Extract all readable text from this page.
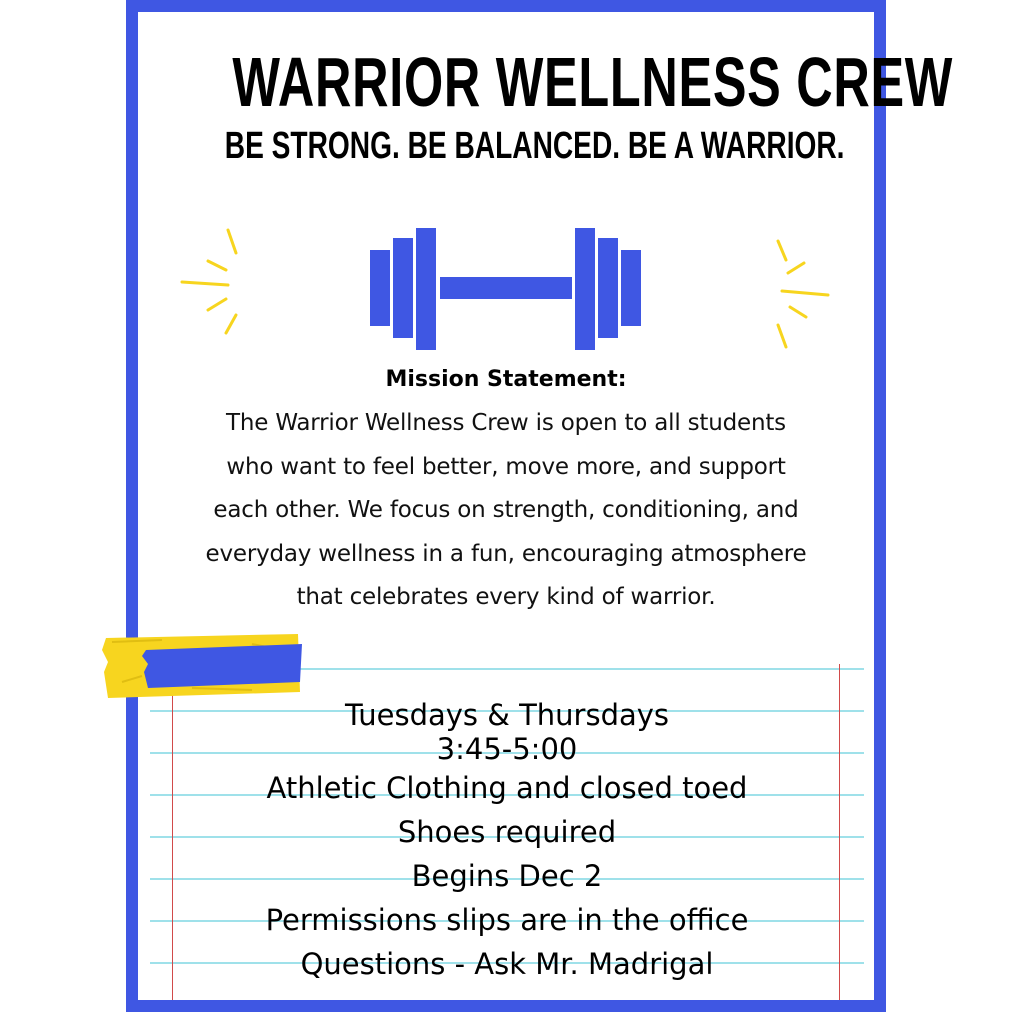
WARRIOR WELLNESS CREW
BE STRONG. BE BALANCED. BE A WARRIOR.
Mission Statement:
The Warrior Wellness Crew is open to all students
who want to feel better, move more, and support
each other. We focus on strength, conditioning, and
everyday wellness in a fun, encouraging atmosphere
that celebrates every kind of warrior.
Tuesdays & Thursdays
3:45-5:00
Athletic Clothing and closed toed
Shoes required
Begins Dec 2
Permissions slips are in the office
Questions - Ask Mr. Madrigal
